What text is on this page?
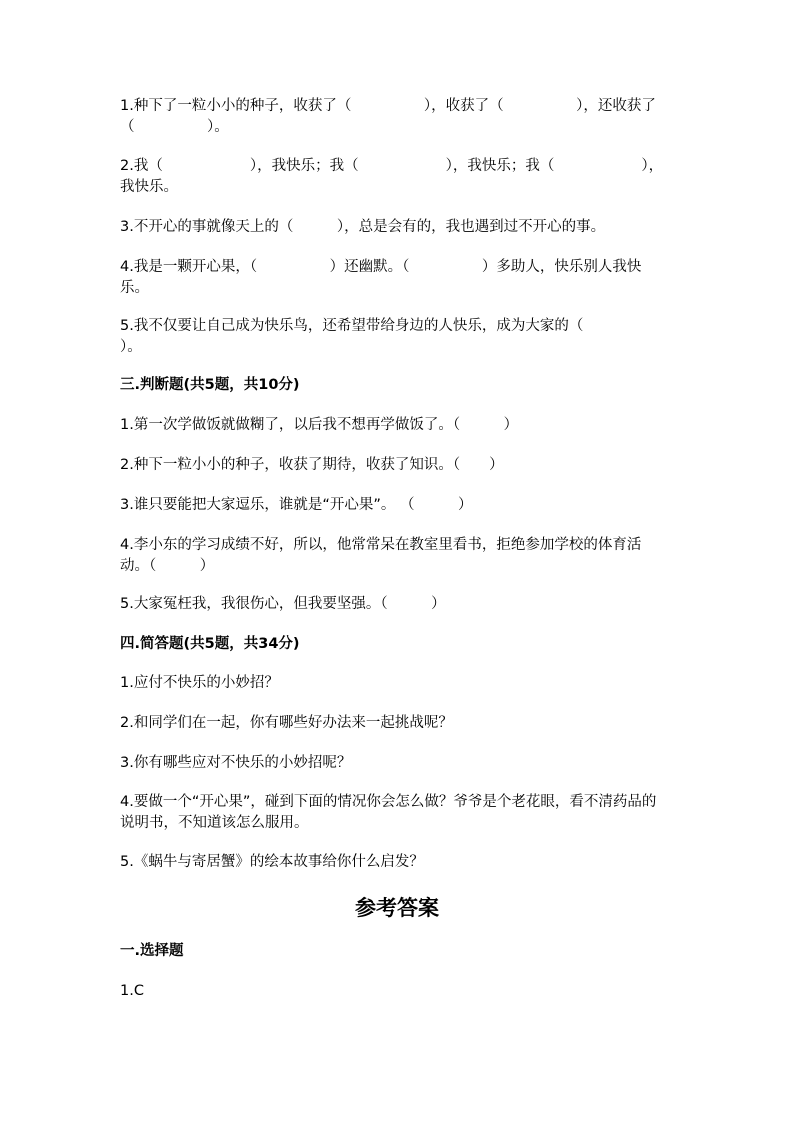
1.种下了一粒小小的种子，收获了（　　　　　），收获了（　　　　　），还收获了（　　　　　）。

2.我（　　　　　　），我快乐；我（　　　　　　），我快乐；我（　　　　　　），我快乐。

3.不开心的事就像天上的（　　　），总是会有的，我也遇到过不开心的事。

4.我是一颗开心果，（　　　　　）还幽默。（　　　　　）多助人，快乐别人我快乐。

5.我不仅要让自己成为快乐鸟，还希望带给身边的人快乐，成为大家的（　　　　　）。

三.判断题(共5题，共10分)

1.第一次学做饭就做糊了，以后我不想再学做饭了。（　　　）

2.种下一粒小小的种子，收获了期待，收获了知识。（　　）

3.谁只要能把大家逗乐，谁就是“开心果”。 （　　　）

4.李小东的学习成绩不好，所以，他常常呆在教室里看书，拒绝参加学校的体育活动。（　　　）

5.大家冤枉我，我很伤心，但我要坚强。（　　　）

四.简答题(共5题，共34分)

1.应付不快乐的小妙招？

2.和同学们在一起，你有哪些好办法来一起挑战呢？

3.你有哪些应对不快乐的小妙招呢？

4.要做一个“开心果”，碰到下面的情况你会怎么做？爷爷是个老花眼，看不清药品的说明书，不知道该怎么服用。

5.《蜗牛与寄居蟹》的绘本故事给你什么启发？

参考答案

一.选择题

1.C
